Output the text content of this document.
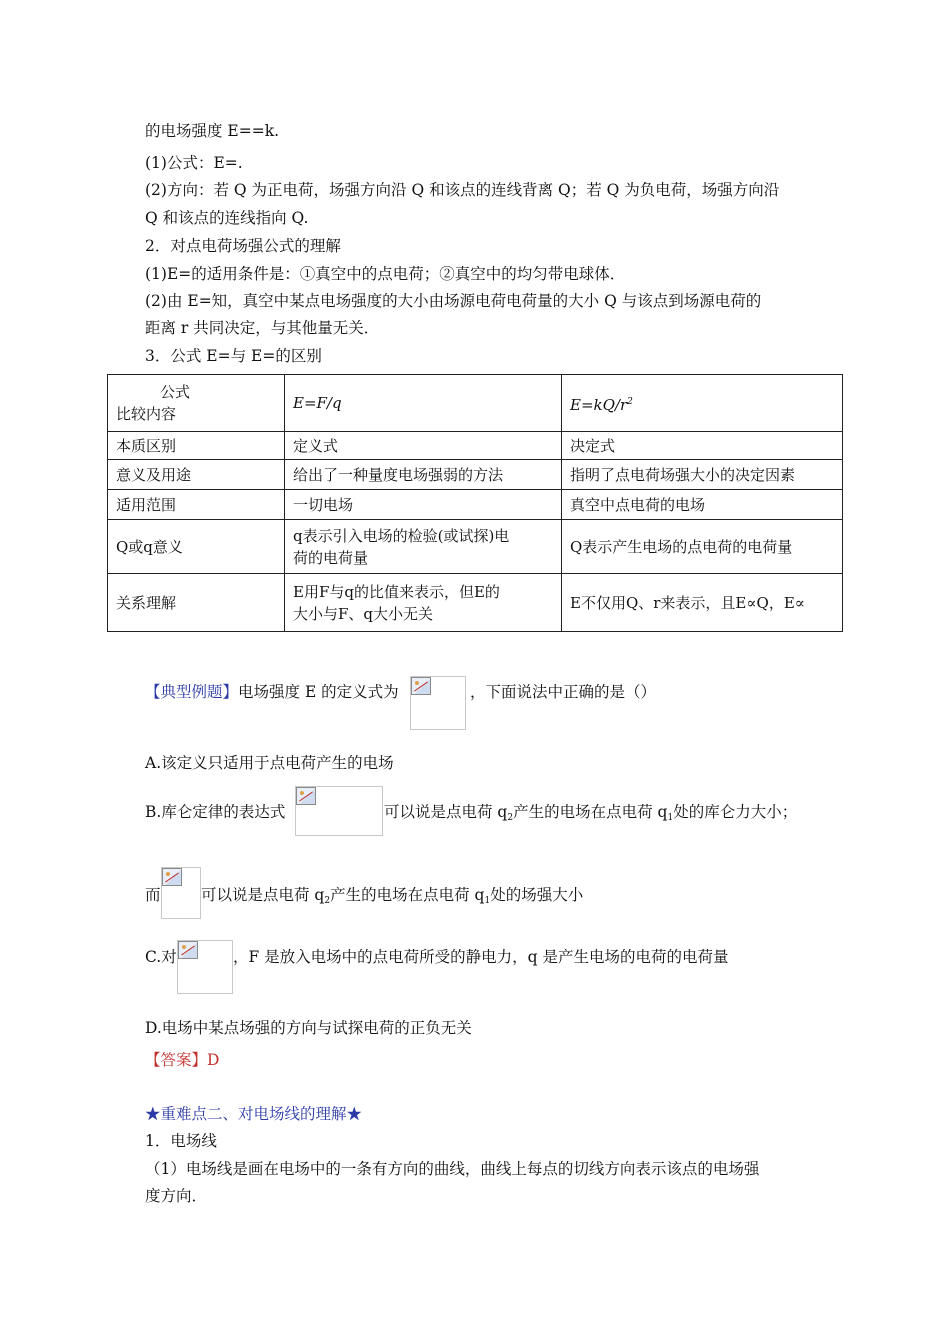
的电场强度 E==k.
(1)公式：E=.
(2)方向：若 Q 为正电荷，场强方向沿 Q 和该点的连线背离 Q；若 Q 为负电荷，场强方向沿
Q 和该点的连线指向 Q.
2．对点电荷场强公式的理解
(1)E=的适用条件是：①真空中的点电荷；②真空中的均匀带电球体．
(2)由 E=知，真空中某点电场强度的大小由场源电荷电荷量的大小 Q 与该点到场源电荷的
距离 r 共同决定，与其他量无关．
3．公式 E=与 E=的区别
公式
比较内容	E=F/q	$E=kQ/r^2$
本质区别	定义式	决定式
意义及用途	给出了一种量度电场强弱的方法	指明了点电荷场强大小的决定因素
适用范围	一切电场	真空中点电荷的电场
Q或q意义	q表示引入电场的检验(或试探)电
荷的电荷量	Q表示产生电场的点电荷的电荷量
关系理解	E用F与q的比值来表示，但E的
大小与F、q大小无关	E不仅用Q、r来表示，且E∝Q，E∝
【典型例题】电场强度 E 的定义式为	，下面说法中正确的是（）
A.该定义只适用于点电荷产生的电场
B.库仑定律的表达式	可以说是点电荷 $q_2$产生的电场在点电荷 $q_1$处的库仑力大小；
而	可以说是点电荷 $q_2$产生的电场在点电荷 $q_1$处的场强大小
C.对	，F 是放入电场中的点电荷所受的静电力，q 是产生电场的电荷的电荷量
D.电场中某点场强的方向与试探电荷的正负无关
【答案】D
★重难点二、对电场线的理解★
1．电场线
（1）电场线是画在电场中的一条有方向的曲线，曲线上每点的切线方向表示该点的电场强
度方向．
